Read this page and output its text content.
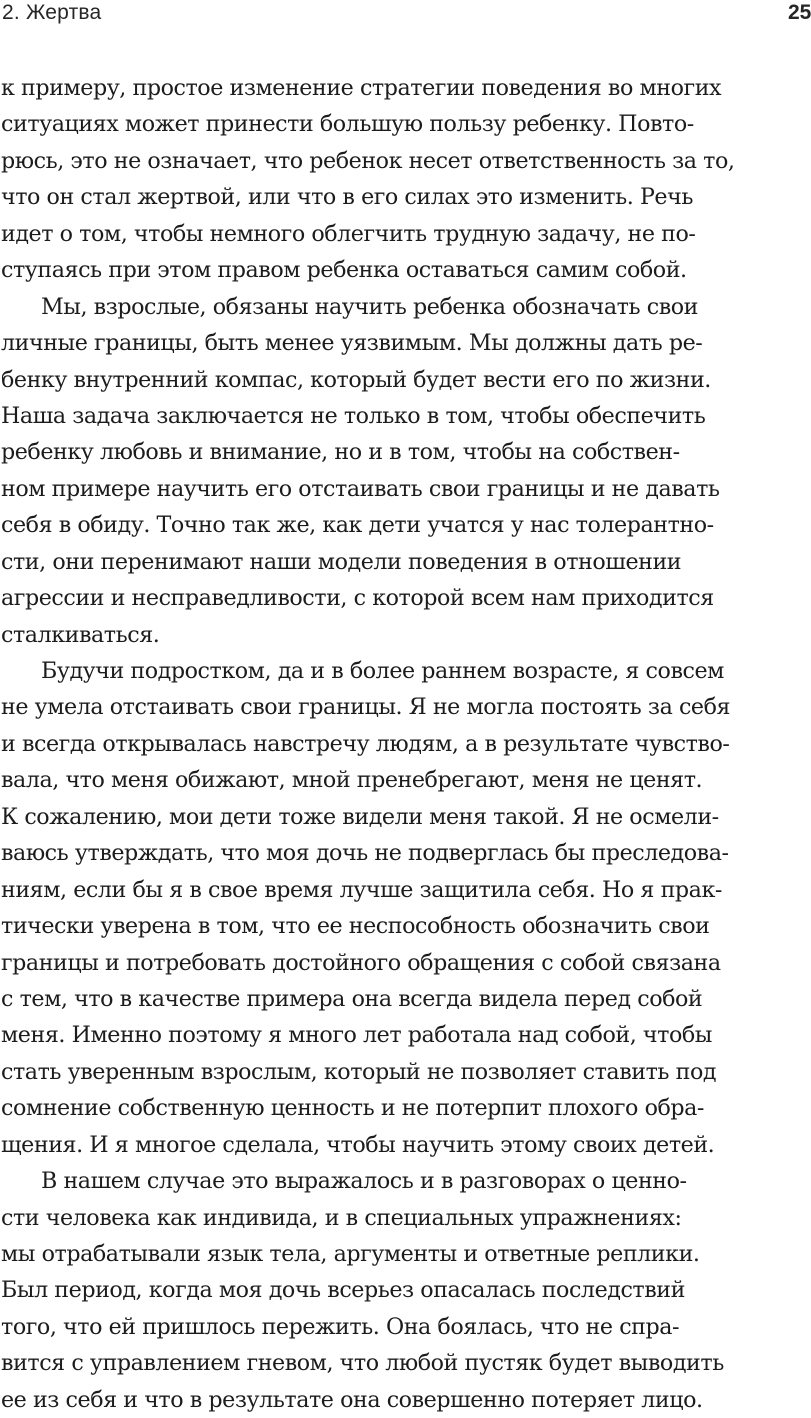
2. Жертва	25
к примеру, простое изменение стратегии поведения во многих
ситуациях может принести большую пользу ребенку. Повто-
рюсь, это не означает, что ребенок несет ответственность за то,
что он стал жертвой, или что в его силах это изменить. Речь
идет о том, чтобы немного облегчить трудную задачу, не по-
ступаясь при этом правом ребенка оставаться самим собой.
Мы, взрослые, обязаны научить ребенка обозначать свои
личные границы, быть менее уязвимым. Мы должны дать ре-
бенку внутренний компас, который будет вести его по жизни.
Наша задача заключается не только в том, чтобы обеспечить
ребенку любовь и внимание, но и в том, чтобы на собствен-
ном примере научить его отстаивать свои границы и не давать
себя в обиду. Точно так же, как дети учатся у нас толерантно-
сти, они перенимают наши модели поведения в отношении
агрессии и несправедливости, с которой всем нам приходится
сталкиваться.
Будучи подростком, да и в более раннем возрасте, я совсем
не умела отстаивать свои границы. Я не могла постоять за себя
и всегда открывалась навстречу людям, а в результате чувство-
вала, что меня обижают, мной пренебрегают, меня не ценят.
К сожалению, мои дети тоже видели меня такой. Я не осмели-
ваюсь утверждать, что моя дочь не подверглась бы преследова-
ниям, если бы я в свое время лучше защитила себя. Но я прак-
тически уверена в том, что ее неспособность обозначить свои
границы и потребовать достойного обращения с собой связана
с тем, что в качестве примера она всегда видела перед собой
меня. Именно поэтому я много лет работала над собой, чтобы
стать уверенным взрослым, который не позволяет ставить под
сомнение собственную ценность и не потерпит плохого обра-
щения. И я многое сделала, чтобы научить этому своих детей.
В нашем случае это выражалось и в разговорах о ценно-
сти человека как индивида, и в специальных упражнениях:
мы отрабатывали язык тела, аргументы и ответные реплики.
Был период, когда моя дочь всерьез опасалась последствий
того, что ей пришлось пережить. Она боялась, что не спра-
вится с управлением гневом, что любой пустяк будет выводить
ее из себя и что в результате она совершенно потеряет лицо.
